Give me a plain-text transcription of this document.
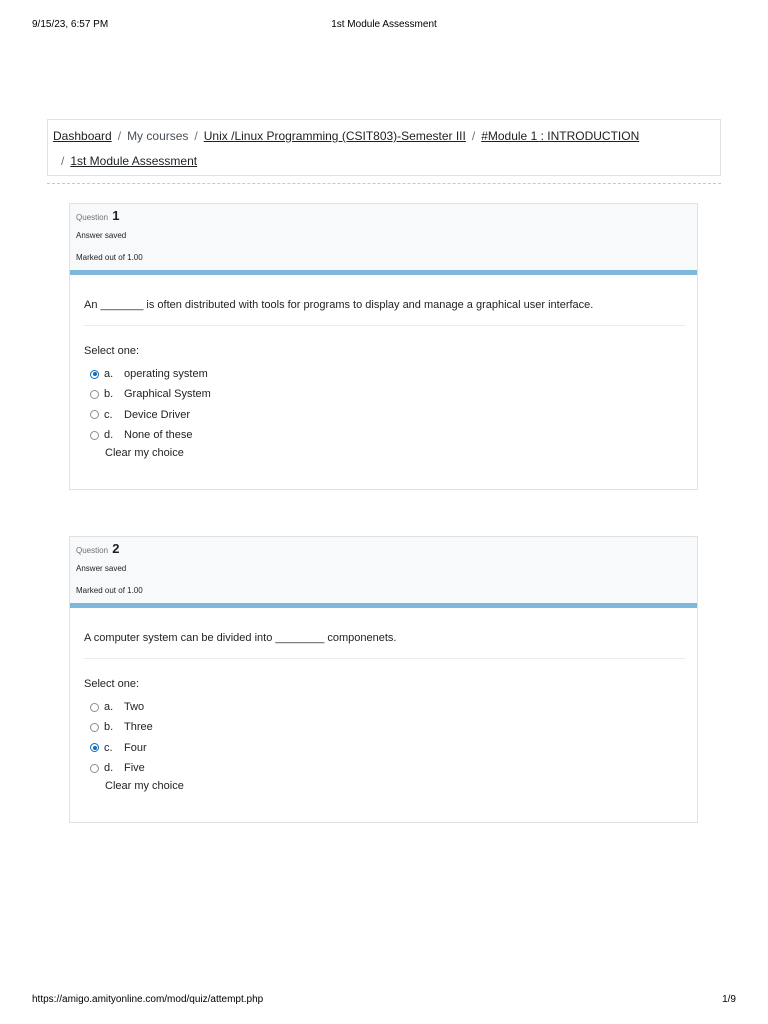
9/15/23, 6:57 PM	1st Module Assessment
Dashboard / My courses / Unix /Linux Programming (CSIT803)-Semester III / #Module 1 : INTRODUCTION
/ 1st Module Assessment
Question 1
Answer saved
Marked out of 1.00
An _______ is often distributed with tools for programs to display and manage a graphical user interface.
Select one:
a. operating system
b. Graphical System
c.	Device Driver
d. None of these
Clear my choice
Question 2
Answer saved
Marked out of 1.00
A computer system can be divided into ________ componenets.
Select one:
a. Two
b. Three
c.	Four
d. Five
Clear my choice
https://amigo.amityonline.com/mod/quiz/attempt.php	1/9
